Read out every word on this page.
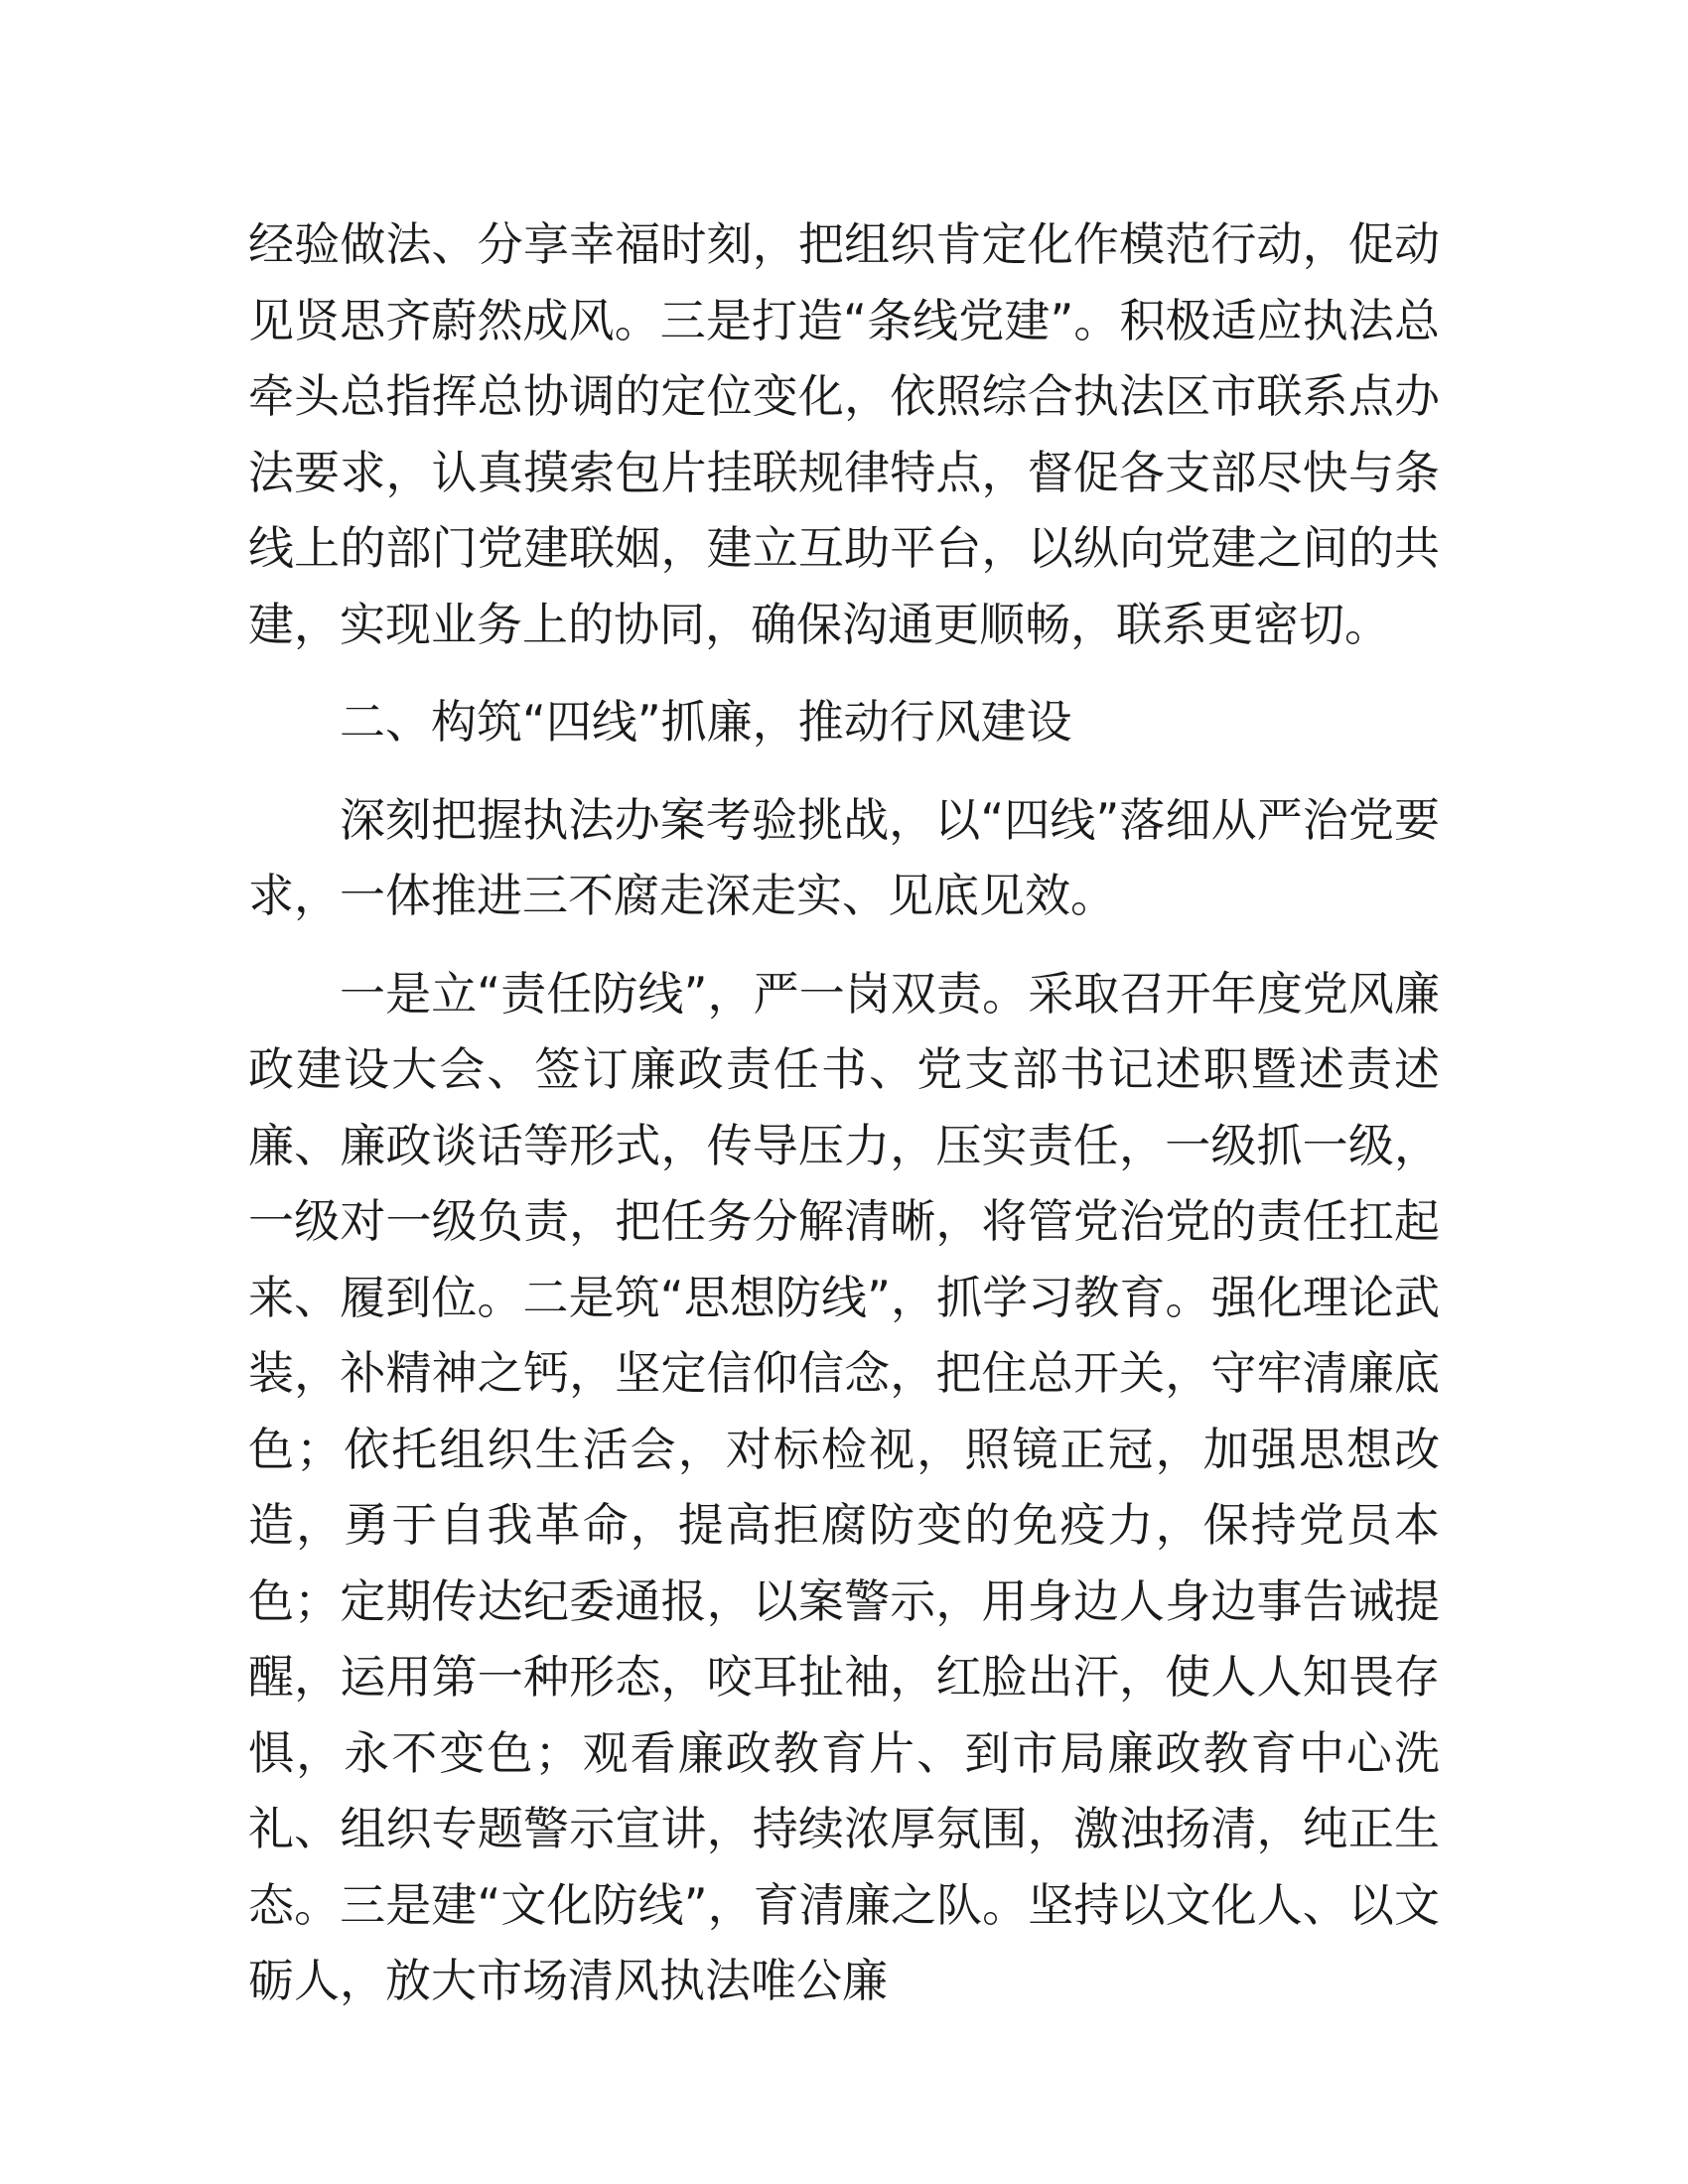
经验做法、分享幸福时刻，把组织肯定化作模范行动，促动见贤思齐蔚然成风。三是打造“条线党建”。积极适应执法总牵头总指挥总协调的定位变化，依照综合执法区市联系点办法要求，认真摸索包片挂联规律特点，督促各支部尽快与条线上的部门党建联姻，建立互助平台，以纵向党建之间的共建，实现业务上的协同，确保沟通更顺畅，联系更密切。

二、构筑“四线”抓廉，推动行风建设

深刻把握执法办案考验挑战，以“四线”落细从严治党要求，一体推进三不腐走深走实、见底见效。

一是立“责任防线”，严一岗双责。采取召开年度党风廉政建设大会、签订廉政责任书、党支部书记述职暨述责述廉、廉政谈话等形式，传导压力，压实责任，一级抓一级，一级对一级负责，把任务分解清晰，将管党治党的责任扛起来、履到位。二是筑“思想防线”，抓学习教育。强化理论武装，补精神之钙，坚定信仰信念，把住总开关，守牢清廉底色；依托组织生活会，对标检视，照镜正冠，加强思想改造，勇于自我革命，提高拒腐防变的免疫力，保持党员本色；定期传达纪委通报，以案警示，用身边人身边事告诫提醒，运用第一种形态，咬耳扯袖，红脸出汗，使人人知畏存惧，永不变色；观看廉政教育片、到市局廉政教育中心洗礼、组织专题警示宣讲，持续浓厚氛围，激浊扬清，纯正生态。三是建“文化防线”，育清廉之队。坚持以文化人、以文砺人，放大市场清风执法唯公廉
